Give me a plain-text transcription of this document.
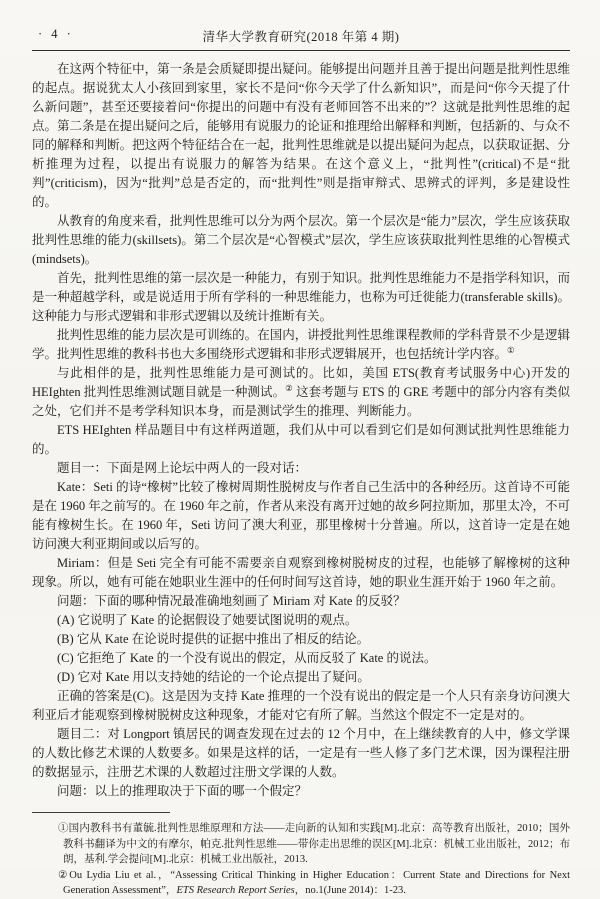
· 4 ·	清华大学教育研究(2018 年第 4 期)

在这两个特征中，第一条是会质疑即提出疑问。能够提出问题并且善于提出问题是批判性思维的起点。据说犹太人小孩回到家里，家长不是问“你今天学了什么新知识”，而是问“你今天提了什么新问题”，甚至还要接着问“你提出的问题中有没有老师回答不出来的”？这就是批判性思维的起点。第二条是在提出疑问之后，能够用有说服力的论证和推理给出解释和判断，包括新的、与众不同的解释和判断。把这两个特征结合在一起，批判性思维就是以提出疑问为起点，以获取证据、分析推理为过程，以提出有说服力的解答为结果。在这个意义上，“批判性”(critical)不是“批判”(criticism)，因为“批判”总是否定的，而“批判性”则是指审辩式、思辨式的评判，多是建设性的。

从教育的角度来看，批判性思维可以分为两个层次。第一个层次是“能力”层次，学生应该获取批判性思维的能力(skillsets)。第二个层次是“心智模式”层次，学生应该获取批判性思维的心智模式(mindsets)。

首先，批判性思维的第一层次是一种能力，有别于知识。批判性思维能力不是指学科知识，而是一种超越学科，或是说适用于所有学科的一种思维能力，也称为可迁徙能力(transferable skills)。这种能力与形式逻辑和非形式逻辑以及统计推断有关。

批判性思维的能力层次是可训练的。在国内，讲授批判性思维课程教师的学科背景不少是逻辑学。批判性思维的教科书也大多围绕形式逻辑和非形式逻辑展开，也包括统计学内容。①

与此相伴的是，批判性思维能力是可测试的。比如，美国 ETS(教育考试服务中心)开发的 HEIghten 批判性思维测试题目就是一种测试。② 这套考题与 ETS 的 GRE 考题中的部分内容有类似之处，它们并不是考学科知识本身，而是测试学生的推理、判断能力。

ETS HEIghten 样品题目中有这样两道题，我们从中可以看到它们是如何测试批判性思维能力的。

题目一：下面是网上论坛中两人的一段对话：

Kate：Seti 的诗“橡树”比较了橡树周期性脱树皮与作者自己生活中的各种经历。这首诗不可能是在 1960 年之前写的。在 1960 年之前，作者从来没有离开过她的故乡阿拉斯加，那里太冷，不可能有橡树生长。在 1960 年，Seti 访问了澳大利亚，那里橡树十分普遍。所以，这首诗一定是在她访问澳大利亚期间或以后写的。

Miriam：但是 Seti 完全有可能不需要亲自观察到橡树脱树皮的过程，也能够了解橡树的这种现象。所以，她有可能在她职业生涯中的任何时间写这首诗，她的职业生涯开始于 1960 年之前。

问题：下面的哪种情况最准确地刻画了 Miriam 对 Kate 的反驳？

(A) 它说明了 Kate 的论据假设了她要试图说明的观点。

(B) 它从 Kate 在论说时提供的证据中推出了相反的结论。

(C) 它拒绝了 Kate 的一个没有说出的假定，从而反驳了 Kate 的说法。

(D) 它对 Kate 用以支持她的结论的一个论点提出了疑问。

正确的答案是(C)。这是因为支持 Kate 推理的一个没有说出的假定是一个人只有亲身访问澳大利亚后才能观察到橡树脱树皮这种现象，才能对它有所了解。当然这个假定不一定是对的。

题目二：对 Longport 镇居民的调查发现在过去的 12 个月中，在上继续教育的人中，修文学课的人数比修艺术课的人数要多。如果是这样的话，一定是有一些人修了多门艺术课，因为课程注册的数据显示，注册艺术课的人数超过注册文学课的人数。

问题：以上的推理取决于下面的哪一个假定？

①国内教科书有董毓.批判性思维原理和方法——走向新的认知和实践[M].北京：高等教育出版社，2010；国外教科书翻译为中文的有摩尔，帕克.批判性思维——带你走出思维的误区[M].北京：机械工业出版社，2012；布朗，基利.学会提问[M].北京：机械工业出版社，2013.

②Ou Lydia Liu et al.，“Assessing Critical Thinking in Higher Education：Current State and Directions for Next Generation Assessment”，ETS Research Report Series，no.1(June 2014)：1-23.
